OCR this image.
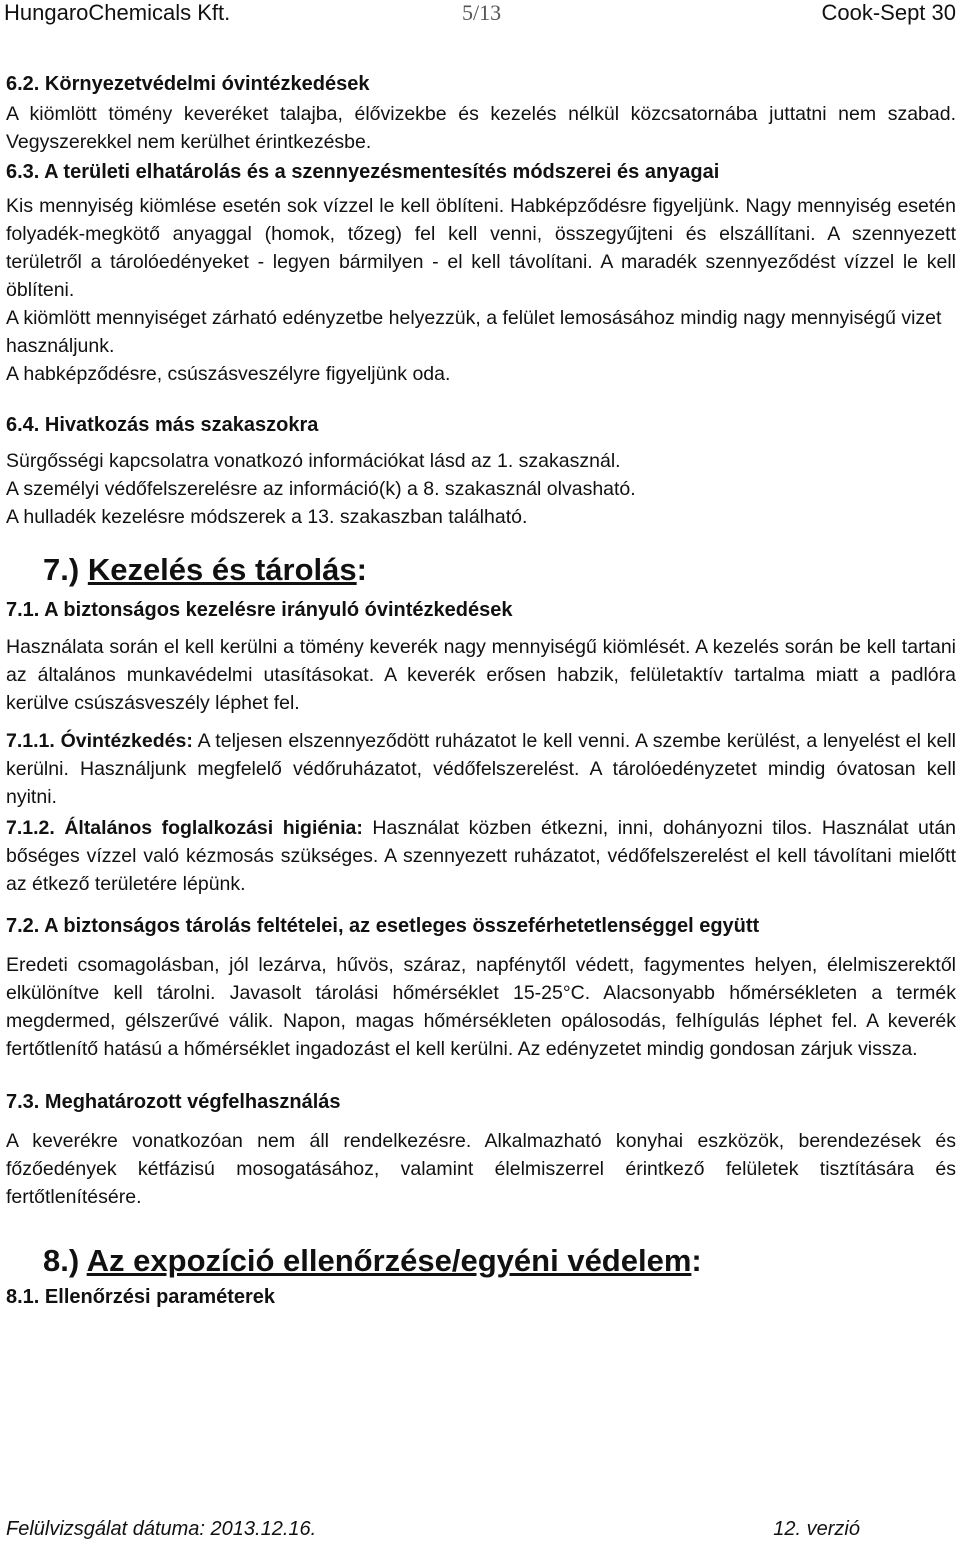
HungaroChemicals Kft.	5/13	Cook-Sept 30
6.2. Környezetvédelmi óvintézkedések
A kiömlött tömény keveréket talajba, élővizekbe és kezelés nélkül közcsatornába juttatni nem szabad. Vegyszerekkel nem kerülhet érintkezésbe.
6.3. A területi elhatárolás és a szennyezésmentesítés módszerei és anyagai
Kis mennyiség kiömlése esetén sok vízzel le kell öblíteni. Habképződésre figyeljünk. Nagy mennyiség esetén folyadék-megkötő anyaggal (homok, tőzeg) fel kell venni, összegyűjteni és elszállítani. A szennyezett területről a tárolóedényeket - legyen bármilyen - el kell távolítani. A maradék szennyeződést vízzel le kell öblíteni.
A kiömlött mennyiséget zárható edényzetbe helyezzük, a felület lemosásához mindig nagy mennyiségű vizet használjunk.
A habképződésre, csúszásveszélyre figyeljünk oda.
6.4. Hivatkozás más szakaszokra
Sürgősségi kapcsolatra vonatkozó információkat lásd az 1. szakasznál.
A személyi védőfelszerelésre az információ(k) a 8. szakasznál olvasható.
A hulladék kezelésre módszerek a 13. szakaszban található.
7.) Kezelés és tárolás:
7.1. A biztonságos kezelésre irányuló óvintézkedések
Használata során el kell kerülni a tömény keverék nagy mennyiségű kiömlését. A kezelés során be kell tartani az általános munkavédelmi utasításokat. A keverék erősen habzik, felületaktív tartalma miatt a padlóra kerülve csúszásveszély léphet fel.
7.1.1. Óvintézkedés: A teljesen elszennyeződött ruházatot le kell venni. A szembe kerülést, a lenyelést el kell kerülni. Használjunk megfelelő védőruházatot, védőfelszerelést. A tárolóedényzetet mindig óvatosan kell nyitni.
7.1.2. Általános foglalkozási higiénia: Használat közben étkezni, inni, dohányozni tilos. Használat után bőséges vízzel való kézmosás szükséges. A szennyezett ruházatot, védőfelszerelést el kell távolítani mielőtt az étkező területére lépünk.
7.2. A biztonságos tárolás feltételei, az esetleges összeférhetetlenséggel együtt
Eredeti csomagolásban, jól lezárva, hűvös, száraz, napfénytől védett, fagymentes helyen, élelmiszerektől elkülönítve kell tárolni. Javasolt tárolási hőmérséklet 15-25°C. Alacsonyabb hőmérsékleten a termék megdermed, gélszerűvé válik. Napon, magas hőmérsékleten opálosodás, felhígulás léphet fel. A keverék fertőtlenítő hatású a hőmérséklet ingadozást el kell kerülni. Az edényzetet mindig gondosan zárjuk vissza.
7.3. Meghatározott végfelhasználás
A keverékre vonatkozóan nem áll rendelkezésre. Alkalmazható konyhai eszközök, berendezések és főzőedények kétfázisú mosogatásához, valamint élelmiszerrel érintkező felületek tisztítására és fertőtlenítésére.
8.) Az expozíció ellenőrzése/egyéni védelem:
8.1. Ellenőrzési paraméterek
Felülvizsgálat dátuma: 2013.12.16.	12. verzió
